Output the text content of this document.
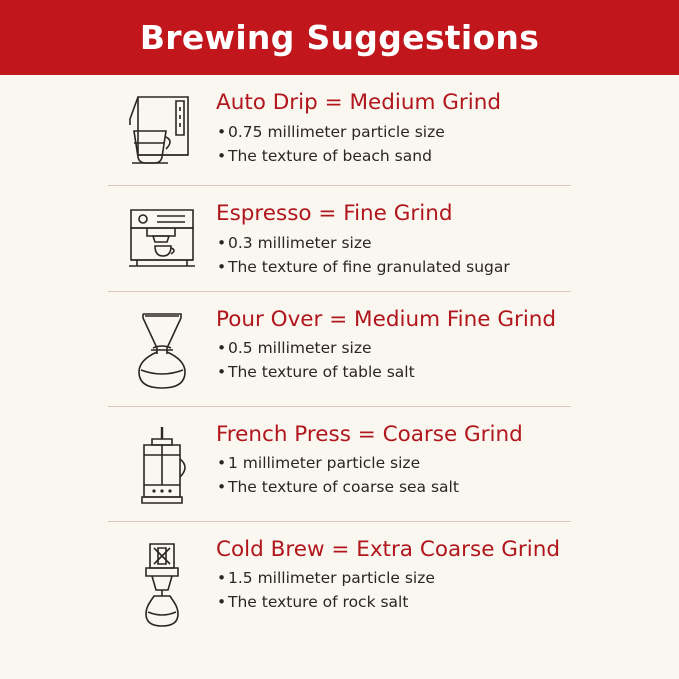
Brewing Suggestions
Auto Drip = Medium Grind
• 0.75 millimeter particle size
• The texture of beach sand
Espresso = Fine Grind
• 0.3 millimeter size
• The texture of fine granulated sugar
Pour Over = Medium Fine Grind
• 0.5 millimeter size
• The texture of table salt
French Press = Coarse Grind
• 1 millimeter particle size
• The texture of coarse sea salt
Cold Brew = Extra Coarse Grind
• 1.5 millimeter particle size
• The texture of rock salt
